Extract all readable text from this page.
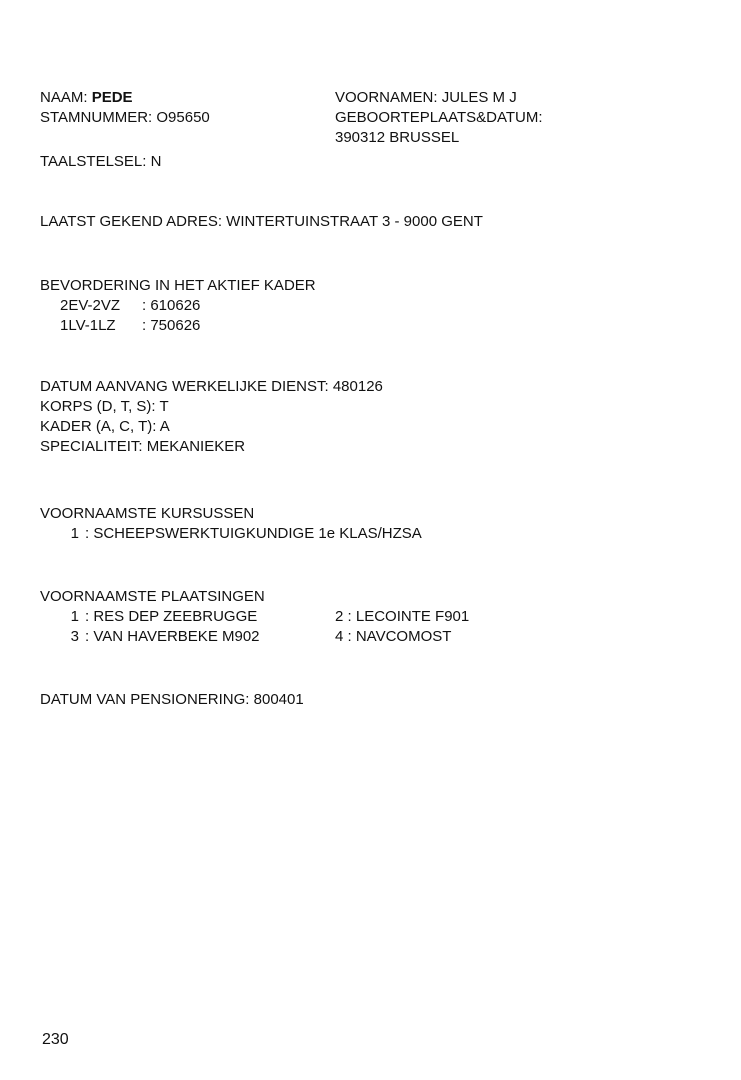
NAAM: PEDE
STAMNUMMER: O95650
VOORNAMEN: JULES M J
GEBOORTEPLAATS&DATUM:
390312 BRUSSEL
TAALSTELSEL: N
LAATST GEKEND ADRES: WINTERTUINSTRAAT 3 - 9000 GENT
BEVORDERING IN HET AKTIEF KADER
2EV-2VZ : 610626
1LV-1LZ : 750626
DATUM AANVANG WERKELIJKE DIENST: 480126
KORPS (D, T, S): T
KADER (A, C, T): A
SPECIALITEIT: MEKANIEKER
VOORNAAMSTE KURSUSSEN
1 : SCHEEPSWERKTUIGKUNDIGE 1e KLAS/HZSA
VOORNAAMSTE PLAATSINGEN
1 : RES DEP ZEEBRUGGE	2 : LECOINTE F901
3 : VAN HAVERBEKE M902	4 : NAVCOMOST
DATUM VAN PENSIONERING: 800401
230
